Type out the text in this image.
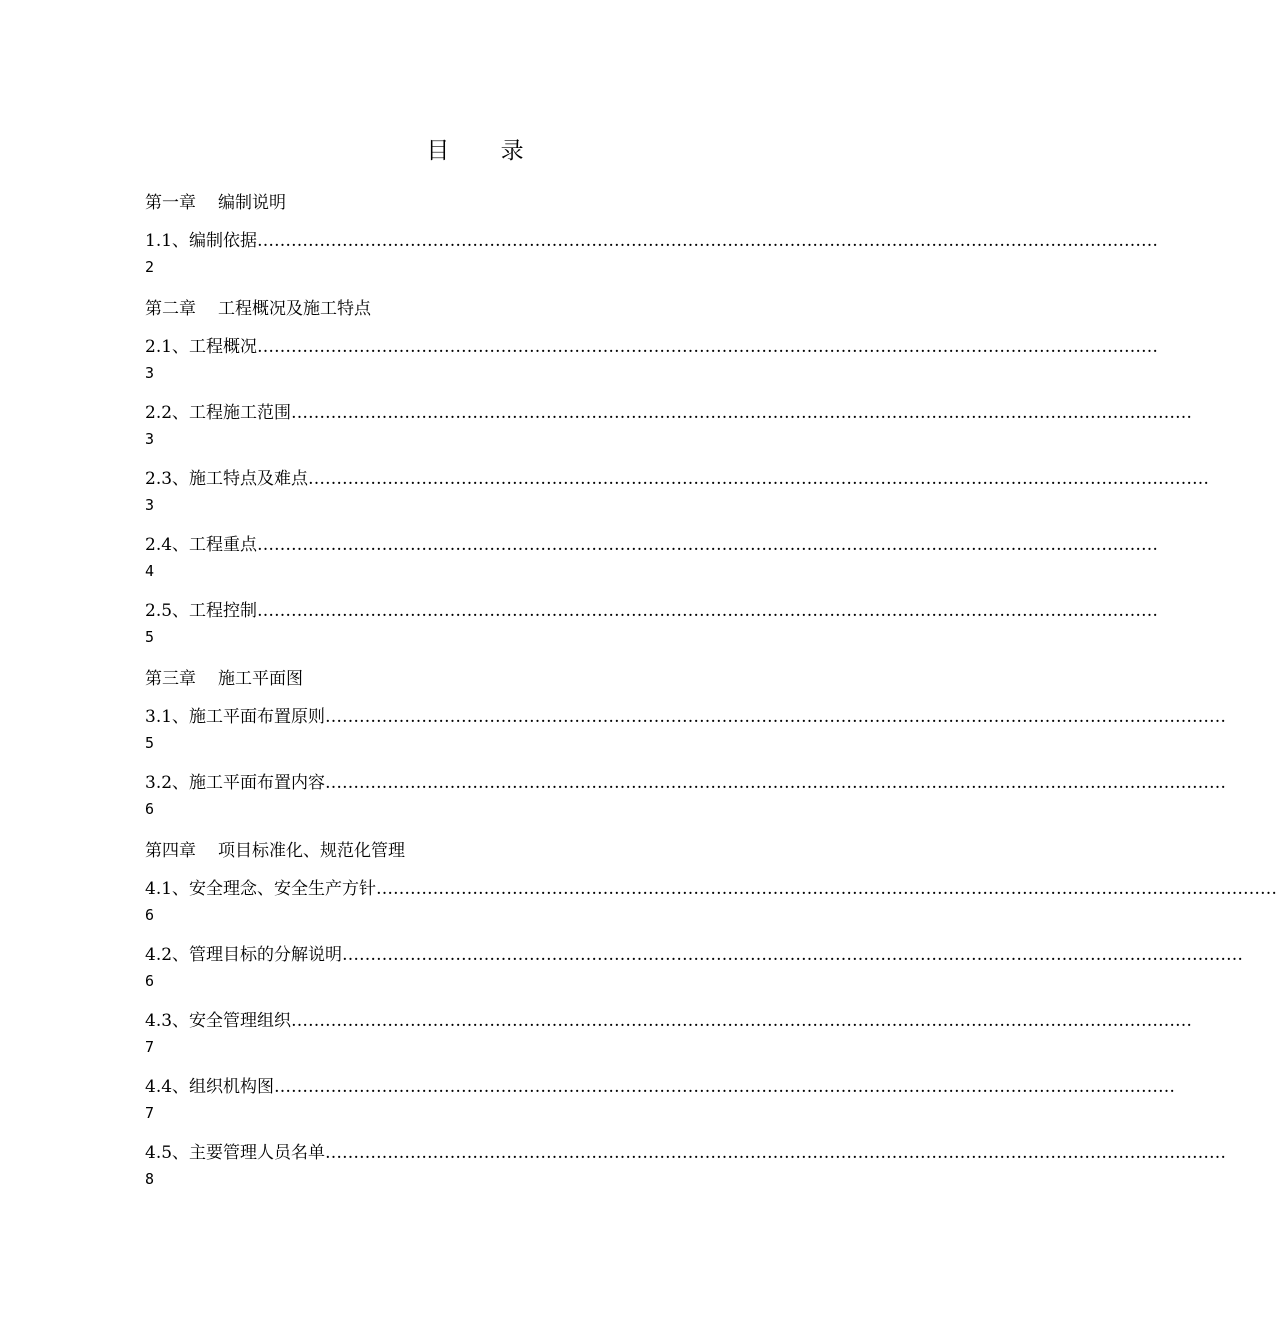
目 录
第一章 编制说明
1.1、编制依据 ……………………………………………………………………………………………………………………………………………
2
第二章 工程概况及施工特点
2.1、工程概况 ……………………………………………………………………………………………………………………………………………
3
2.2、工程施工范围 ……………………………………………………………………………………………………………………………………………
3
2.3、施工特点及难点 ……………………………………………………………………………………………………………………………………………
3
2.4、工程重点 ……………………………………………………………………………………………………………………………………………
4
2.5、工程控制 ……………………………………………………………………………………………………………………………………………
5
第三章 施工平面图
3.1、施工平面布置原则 ……………………………………………………………………………………………………………………………………………
5
3.2、施工平面布置内容 ……………………………………………………………………………………………………………………………………………
6
第四章 项目标准化、规范化管理
4.1、安全理念、安全生产方针 ……………………………………………………………………………………………………………………………………………
6
4.2、管理目标的分解说明 ……………………………………………………………………………………………………………………………………………
6
4.3、安全管理组织 ……………………………………………………………………………………………………………………………………………
7
4.4、组织机构图 ……………………………………………………………………………………………………………………………………………
7
4.5、主要管理人员名单 ……………………………………………………………………………………………………………………………………………
8
